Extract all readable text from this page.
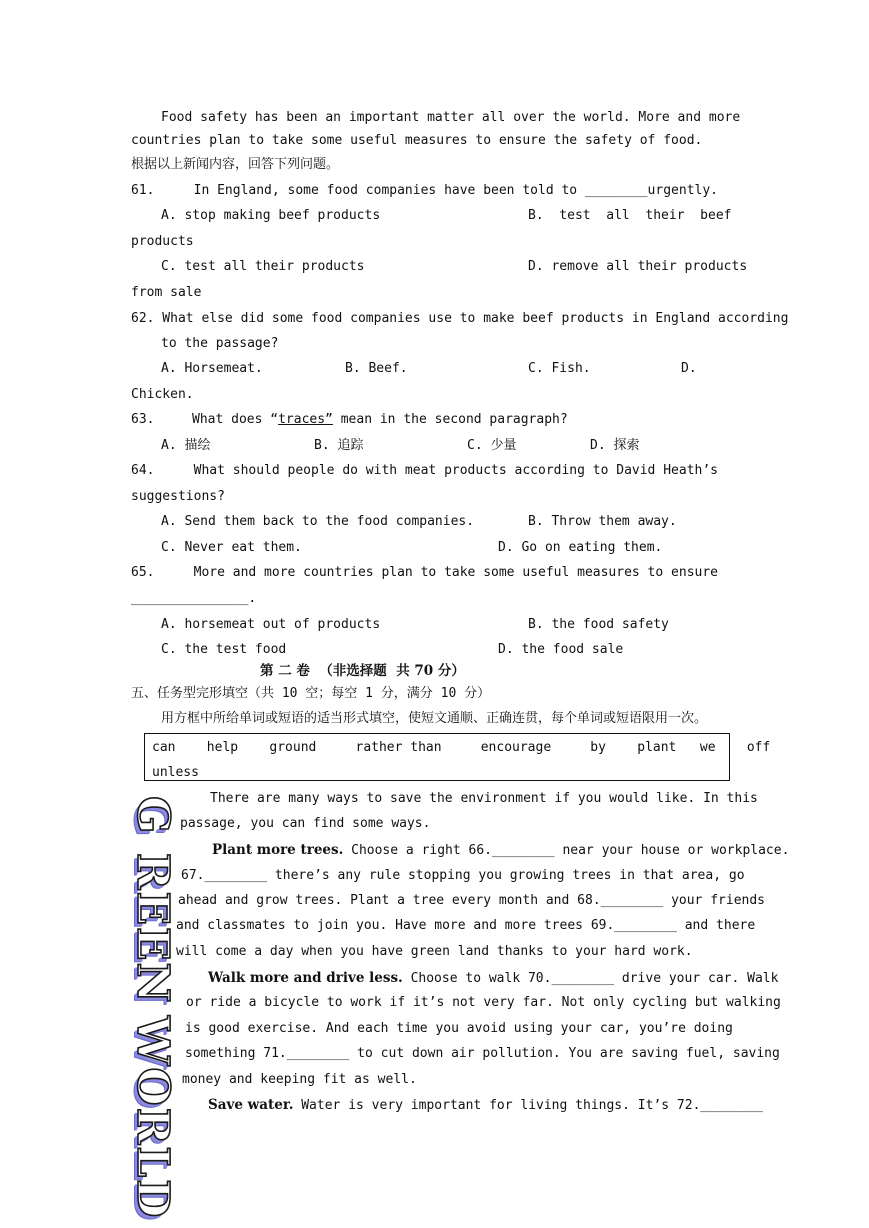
Food safety has been an important matter all over the world. More and more
countries plan to take some useful measures to ensure the safety of food.
根据以上新闻内容，回答下列问题。
61.     In England, some food companies have been told to ________urgently.
A. stop making beef products	B.  test  all  their  beef
products
C. test all their products	D. remove all their products
from sale
62. What else did some food companies use to make beef products in England according
to the passage?
A. Horsemeat.	B. Beef.	C. Fish.	D.
Chicken.
63.	What does “traces” mean in the second paragraph?
A. 描绘	B. 追踪	C. 少量	D. 探索
64.     What should people do with meat products according to David Heath’s
suggestions?
A. Send them back to the food companies.	B. Throw them away.
C. Never eat them.	D. Go on eating them.
65.     More and more countries plan to take some useful measures to ensure
_______________.
A. horsemeat out of products	B. the food safety
C. the test food	D. the food sale
第 二 卷  （非选择题  共 70 分）
五、任务型完形填空（共 10 空；每空 1 分，满分 10 分）
用方框中所给单词或短语的适当形式填空，使短文通顺、正确连贯，每个单词或短语限用一次。
can    help    ground     rather than     encourage     by    plant   we    off
unless
There are many ways to save the environment if you would like. In this
passage, you can find some ways.
Plant more trees. Choose a right 66.________ near your house or workplace.
67.________ there’s any rule stopping you growing trees in that area, go
ahead and grow trees. Plant a tree every month and 68.________ your friends
and classmates to join you. Have more and more trees 69.________ and there
will come a day when you have green land thanks to your hard work.
Walk more and drive less. Choose to walk 70.________ drive your car. Walk
or ride a bicycle to work if it’s not very far. Not only cycling but walking
is good exercise. And each time you avoid using your car, you’re doing
something 71.________ to cut down air pollution. You are saving fuel, saving
money and keeping fit as well.
Save water. Water is very important for living things. It’s 72.________
G REEN
WORLD
